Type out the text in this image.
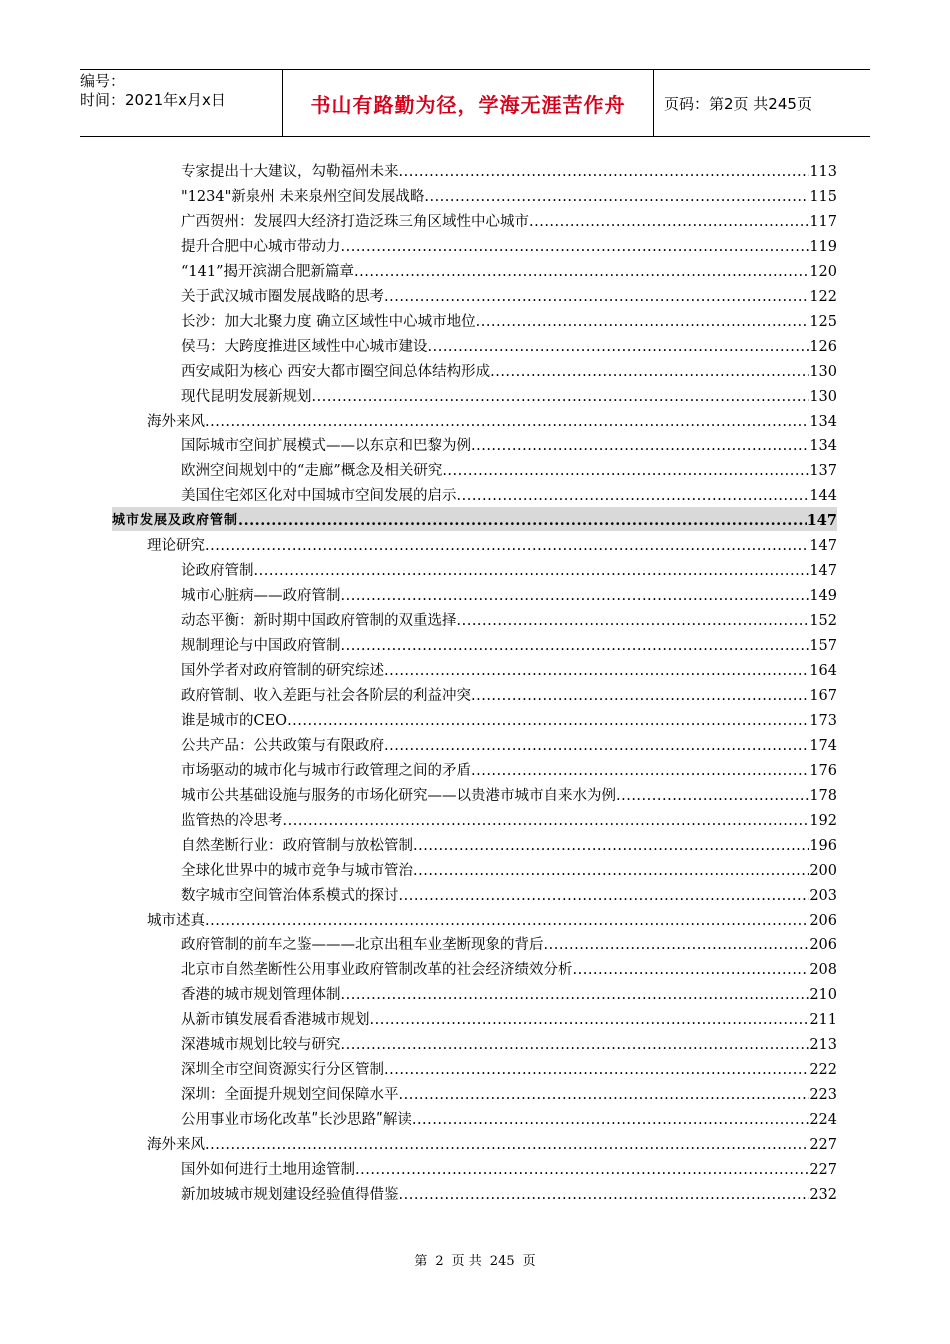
编号：
时间：2021年x月x日	书山有路勤为径，学海无涯苦作舟	页码：第2页 共245页
专家提出十大建议，勾勒福州未来 .....	113
"1234"新泉州 未来泉州空间发展战略 .....	115
广西贺州：发展四大经济打造泛珠三角区域性中心城市 .....	117
提升合肥中心城市带动力 .....	119
“141”揭开滨湖合肥新篇章 .....	120
关于武汉城市圈发展战略的思考 .....	122
长沙：加大北聚力度 确立区域性中心城市地位 .....	125
侯马：大跨度推进区域性中心城市建设 .....	126
西安咸阳为核心 西安大都市圈空间总体结构形成 .....	130
现代昆明发展新规划 .....	130
海外来风 .....	134
国际城市空间扩展模式——以东京和巴黎为例 .....	134
欧洲空间规划中的“走廊”概念及相关研究 .....	137
美国住宅郊区化对中国城市空间发展的启示 .....	144
城市发展及政府管制 .....	147
理论研究 .....	147
论政府管制 .....	147
城市心脏病——政府管制 .....	149
动态平衡：新时期中国政府管制的双重选择 .....	152
规制理论与中国政府管制 .....	157
国外学者对政府管制的研究综述 .....	164
政府管制、收入差距与社会各阶层的利益冲突 .....	167
谁是城市的CEO .....	173
公共产品：公共政策与有限政府 .....	174
市场驱动的城市化与城市行政管理之间的矛盾 .....	176
城市公共基础设施与服务的市场化研究——以贵港市城市自来水为例 .....	178
监管热的冷思考 .....	192
自然垄断行业：政府管制与放松管制 .....	196
全球化世界中的城市竞争与城市管治 .....	200
数字城市空间管治体系模式的探讨 .....	203
城市述真 .....	206
政府管制的前车之鉴———北京出租车业垄断现象的背后 .....	206
北京市自然垄断性公用事业政府管制改革的社会经济绩效分析 .....	208
香港的城市规划管理体制 .....	210
从新市镇发展看香港城市规划 .....	211
深港城市规划比较与研究 .....	213
深圳全市空间资源实行分区管制 .....	222
深圳：全面提升规划空间保障水平 .....	223
公用事业市场化改革ʺ长沙思路ʺ解读 .....	224
海外来风 .....	227
国外如何进行土地用途管制 .....	227
新加坡城市规划建设经验值得借鉴 .....	232
第 2 页 共 245 页
